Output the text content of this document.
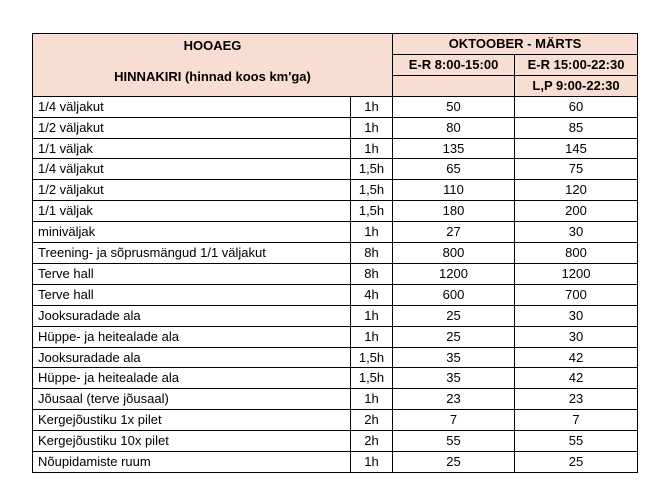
HOOAEG
HINNAKIRI (hinnad koos km'ga)		OKTOOBER - MÄRTS	
		E-R 8:00-15:00	E-R 15:00-22:30
			L,P 9:00-22:30
1/4 väljakut	1h	50	60
1/2 väljakut	1h	80	85
1/1 väljak	1h	135	145
1/4 väljakut	1,5h	65	75
1/2 väljakut	1,5h	110	120
1/1 väljak	1,5h	180	200
miniväljak	1h	27	30
Treening- ja sõprusmängud 1/1 väljakut	8h	800	800
Terve hall	8h	1200	1200
Terve hall	4h	600	700
Jooksuradade ala	1h	25	30
Hüppe- ja heitealade ala	1h	25	30
Jooksuradade ala	1,5h	35	42
Hüppe- ja heitealade ala	1,5h	35	42
Jõusaal (terve jõusaal)	1h	23	23
Kergejõustiku 1x pilet	2h	7	7
Kergejõustiku 10x pilet	2h	55	55
Nõupidamiste ruum	1h	25	25
